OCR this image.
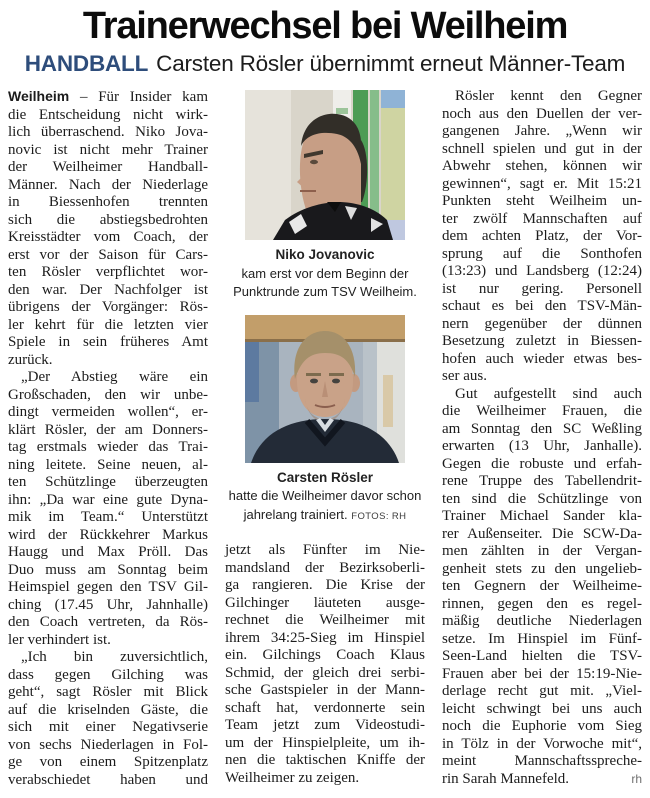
Trainerwechsel bei Weilheim
HANDBALL Carsten Rösler übernimmt erneut Männer-Team
Weilheim – Für Insider kam
die Entscheidung nicht wirk-
lich überraschend. Niko Jova-
novic ist nicht mehr Trainer
der Weilheimer Handball-
Männer. Nach der Niederlage
in Biessenhofen trennten
sich die abstiegsbedrohten
Kreisstädter vom Coach, der
erst vor der Saison für Cars-
ten Rösler verpflichtet wor-
den war. Der Nachfolger ist
übrigens der Vorgänger: Rös-
ler kehrt für die letzten vier
Spiele in sein früheres Amt
zurück.
„Der Abstieg wäre ein
Großschaden, den wir unbe-
dingt vermeiden wollen“, er-
klärt Rösler, der am Donners-
tag erstmals wieder das Trai-
ning leitete. Seine neuen, al-
ten Schützlinge überzeugten
ihn: „Da war eine gute Dyna-
mik im Team.“ Unterstützt
wird der Rückkehrer Markus
Haugg und Max Pröll. Das
Duo muss am Sonntag beim
Heimspiel gegen den TSV Gil-
ching (17.45 Uhr, Jahnhalle)
den Coach vertreten, da Rös-
ler verhindert ist.
„Ich bin zuversichtlich,
dass gegen Gilching was
geht“, sagt Rösler mit Blick
auf die kriselnden Gäste, die
sich mit einer Negativserie
von sechs Niederlagen in Fol-
ge von einem Spitzenplatz
verabschiedet haben und
Niko Jovanovic
kam erst vor dem Beginn der Punktrunde zum TSV Weilheim.
Carsten Rösler
hatte die Weilheimer davor schon jahrelang trainiert. FOTOS: RH
jetzt als Fünfter im Nie-
mandsland der Bezirksoberli-
ga rangieren. Die Krise der
Gilchinger läuteten ausge-
rechnet die Weilheimer mit
ihrem 34:25-Sieg im Hinspiel
ein. Gilchings Coach Klaus
Schmid, der gleich drei serbi-
sche Gastspieler in der Mann-
schaft hat, verdonnerte sein
Team jetzt zum Videostudi-
um der Hinspielpleite, um ih-
nen die taktischen Kniffe der
Weilheimer zu zeigen.
Rösler kennt den Gegner
noch aus den Duellen der ver-
gangenen Jahre. „Wenn wir
schnell spielen und gut in der
Abwehr stehen, können wir
gewinnen“, sagt er. Mit 15:21
Punkten steht Weilheim un-
ter zwölf Mannschaften auf
dem achten Platz, der Vor-
sprung auf die Sonthofen
(13:23) und Landsberg (12:24)
ist nur gering. Personell
schaut es bei den TSV-Män-
nern gegenüber der dünnen
Besetzung zuletzt in Biessen-
hofen auch wieder etwas bes-
ser aus.
Gut aufgestellt sind auch
die Weilheimer Frauen, die
am Sonntag den SC Weßling
erwarten (13 Uhr, Janhalle).
Gegen die robuste und erfah-
rene Truppe des Tabellendrit-
ten sind die Schützlinge von
Trainer Michael Sander kla-
rer Außenseiter. Die SCW-Da-
men zählten in der Vergan-
genheit stets zu den ungelieb-
ten Gegnern der Weilheime-
rinnen, gegen den es regel-
mäßig deutliche Niederlagen
setze. Im Hinspiel im Fünf-
Seen-Land hielten die TSV-
Frauen aber bei der 15:19-Nie-
derlage recht gut mit. „Viel-
leicht schwingt bei uns auch
noch die Euphorie vom Sieg
in Tölz in der Vorwoche mit“,
meint Mannschaftsspreche-
rin Sarah Mannefeld.	rh
